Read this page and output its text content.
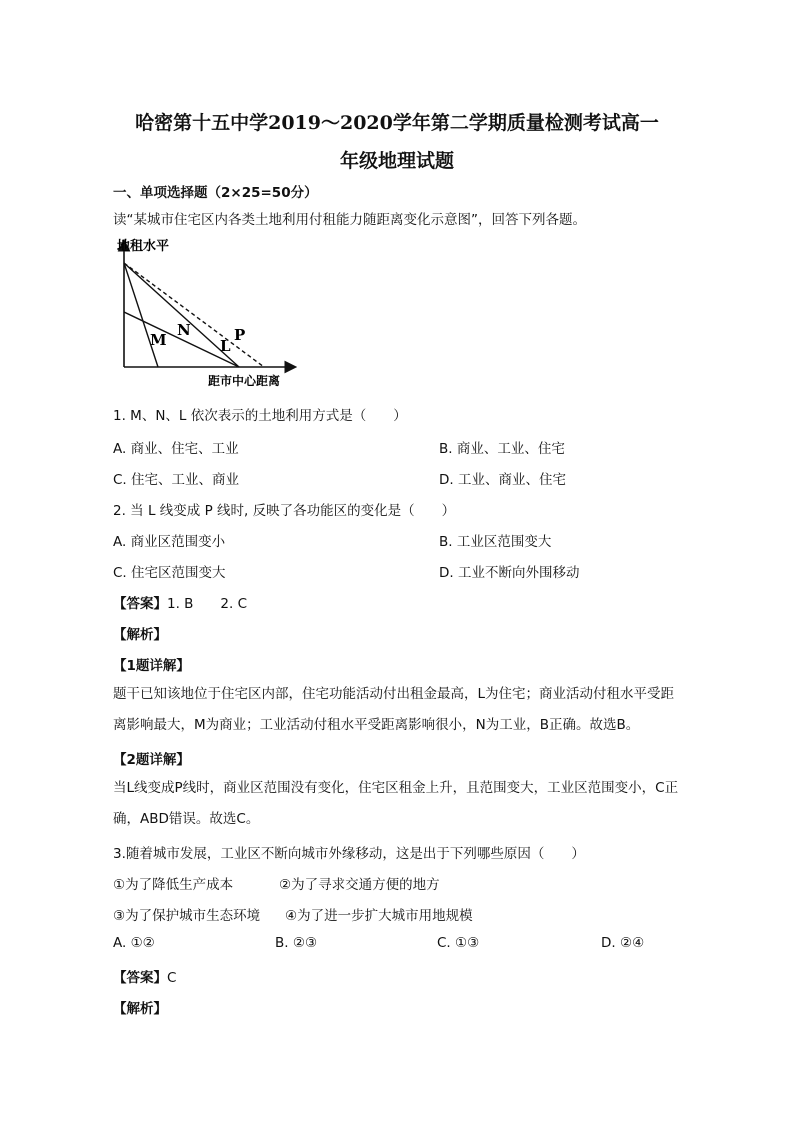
哈密第十五中学2019～2020学年第二学期质量检测考试高一
年级地理试题
一、单项选择题（2×25=50分）
读“某城市住宅区内各类土地利用付租能力随距离变化示意图”，回答下列各题。
地租水平
距市中心距离
M
N
L
P
1. M、N、L 依次表示的土地利用方式是（　　）
A. 商业、住宅、工业	B. 商业、工业、住宅
C. 住宅、工业、商业	D. 工业、商业、住宅
2. 当 L 线变成 P 线时, 反映了各功能区的变化是（　　）
A. 商业区范围变小	B. 工业区范围变大
C. 住宅区范围变大	D. 工业不断向外围移动
【答案】1. B　　2. C
【解析】
【1题详解】
题干已知该地位于住宅区内部，住宅功能活动付出租金最高，L为住宅；商业活动付租水平受距离影响最大，M为商业；工业活动付租水平受距离影响很小，N为工业，B正确。故选B。
【2题详解】
当L线变成P线时，商业区范围没有变化，住宅区租金上升，且范围变大，工业区范围变小，C正确，ABD错误。故选C。
3.随着城市发展，工业区不断向城市外缘移动，这是出于下列哪些原因（　　）
①为了降低生产成本	②为了寻求交通方便的地方
③为了保护城市生态环境 ④为了进一步扩大城市用地规模
A. ①②	B. ②③	C. ①③	D. ②④
【答案】C
【解析】
